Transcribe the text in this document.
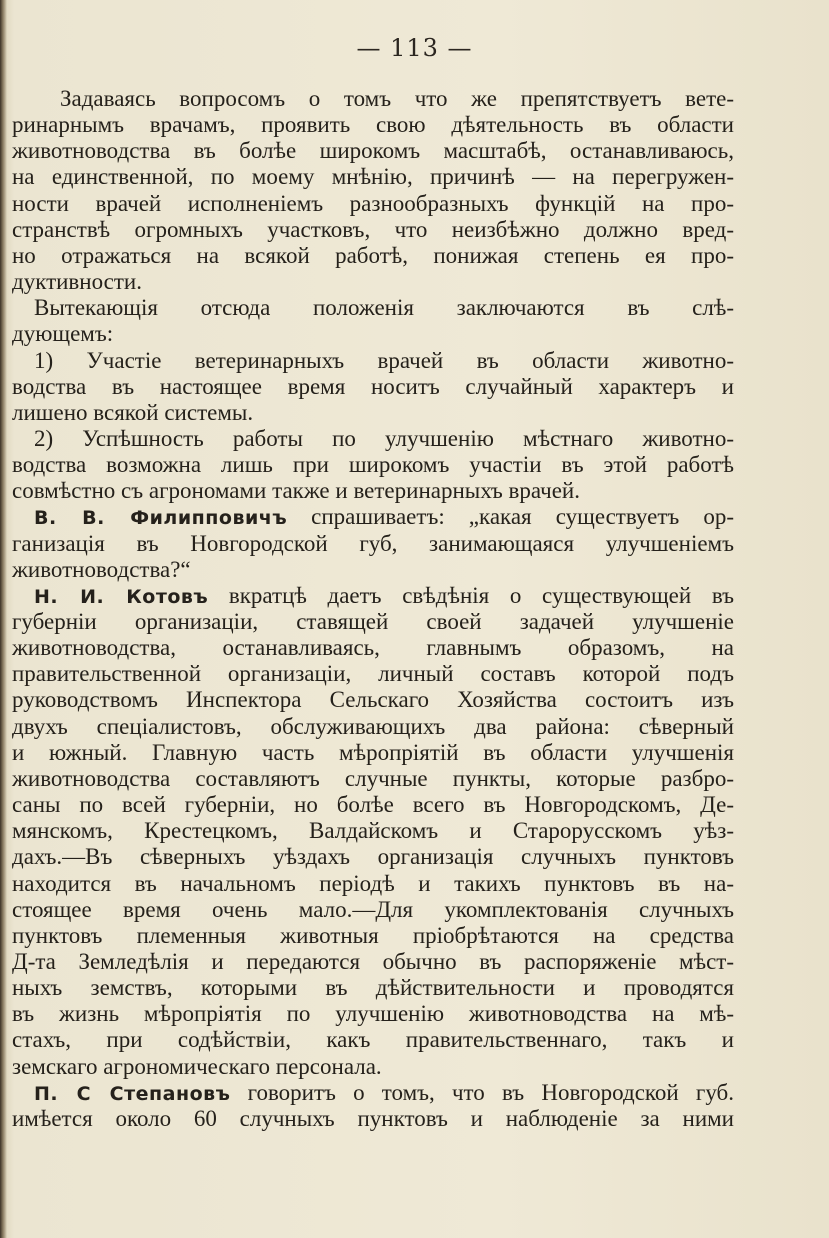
— 113 —
Задаваясь вопросомъ о томъ что же препятствуетъ вете-
ринарнымъ врачамъ, проявить свою дѣятельность въ области
животноводства въ болѣе широкомъ масштабѣ, останавливаюсь,
на единственной, по моему мнѣнію, причинѣ — на перегружен-
ности врачей исполненіемъ разнообразныхъ функцій на про-
странствѣ огромныхъ участковъ, что неизбѣжно должно вред-
но отражаться на всякой работѣ, понижая степень ея про-
дуктивности.
Вытекающія отсюда положенія заключаются въ слѣ-
дующемъ:
1) Участіе ветеринарныхъ врачей въ области животно-
водства въ настоящее время носитъ случайный характеръ и
лишено всякой системы.
2) Успѣшность работы по улучшенію мѣстнаго животно-
водства возможна лишь при широкомъ участіи въ этой работѣ
совмѣстно съ агрономами также и ветеринарныхъ врачей.
В. В. Филипповичъ спрашиваетъ: „какая существуетъ ор-
ганизація въ Новгородской губ, занимающаяся улучшеніемъ
животноводства?“
Н. И. Котовъ вкратцѣ даетъ свѣдѣнія о существующей въ
губерніи организаціи, ставящей своей задачей улучшеніе
животноводства, останавливаясь, главнымъ образомъ, на
правительственной организаціи, личный составъ которой подъ
руководствомъ Инспектора Сельскаго Хозяйства состоитъ изъ
двухъ спеціалистовъ, обслуживающихъ два района: сѣверный
и южный. Главную часть мѣропріятій въ области улучшенія
животноводства составляютъ случные пункты, которые разбро-
саны по всей губерніи, но болѣе всего въ Новгородскомъ, Де-
мянскомъ, Крестецкомъ, Валдайскомъ и Старорусскомъ уѣз-
дахъ.—Въ сѣверныхъ уѣздахъ организація случныхъ пунктовъ
находится въ начальномъ періодѣ и такихъ пунктовъ въ на-
стоящее время очень мало.—Для укомплектованія случныхъ
пунктовъ племенныя животныя пріобрѣтаются на средства
Д-та Земледѣлія и передаются обычно въ распоряженіе мѣст-
ныхъ земствъ, которыми въ дѣйствительности и проводятся
въ жизнь мѣропріятія по улучшенію животноводства на мѣ-
стахъ, при содѣйствіи, какъ правительственнаго, такъ и
земскаго агрономическаго персонала.
П. С Степановъ говоритъ о томъ, что въ Новгородской губ.
имѣется около 60 случныхъ пунктовъ и наблюденіе за ними
